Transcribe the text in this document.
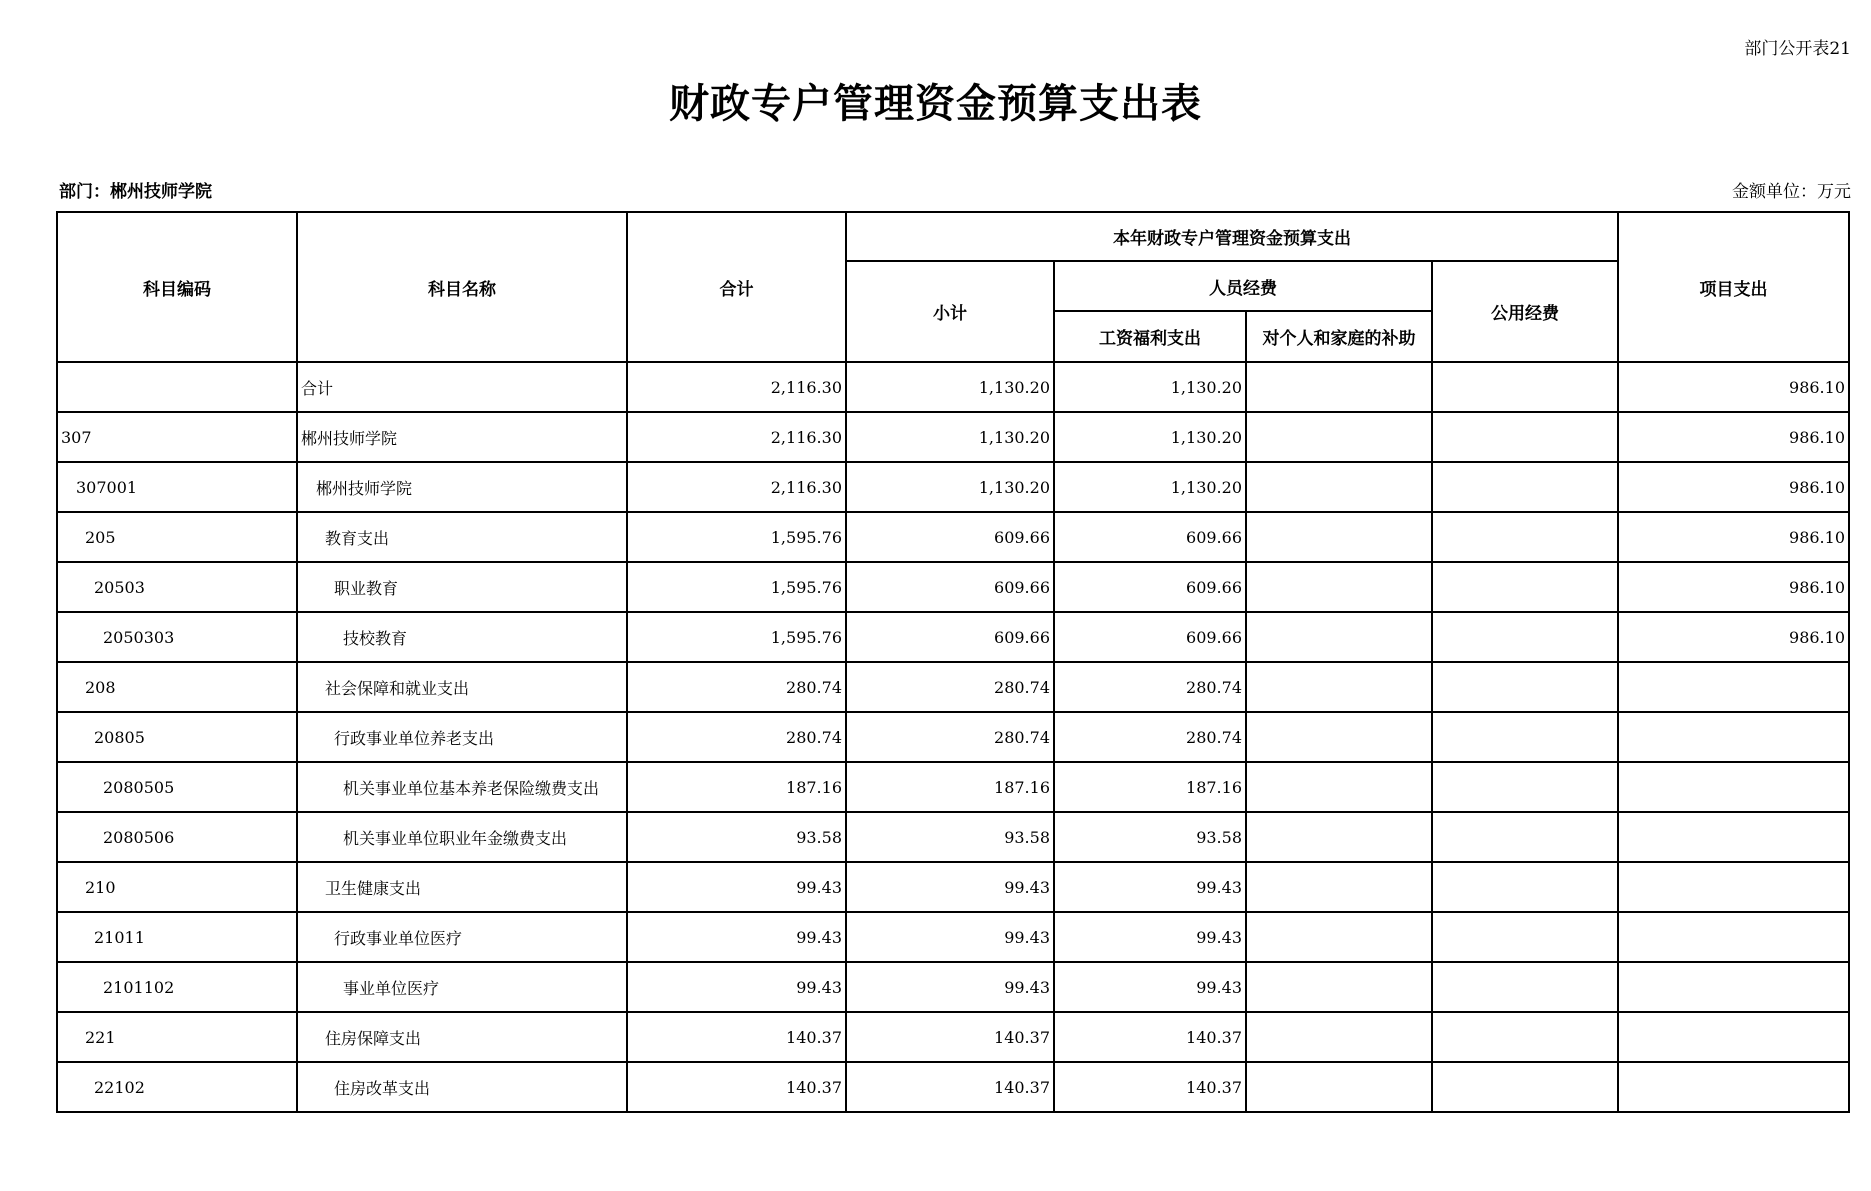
部门公开表21
财政专户管理资金预算支出表
部门：郴州技师学院	金额单位：万元
科目编码	科目名称	合计	本年财政专户管理资金预算支出				项目支出
			小计	人员经费		公用经费	
				工资福利支出	对个人和家庭的补助		
	合计	2,116.30	1,130.20	1,130.20			986.10
307	郴州技师学院	2,116.30	1,130.20	1,130.20			986.10
307001	郴州技师学院	2,116.30	1,130.20	1,130.20			986.10
205	教育支出	1,595.76	609.66	609.66			986.10
20503	职业教育	1,595.76	609.66	609.66			986.10
2050303	技校教育	1,595.76	609.66	609.66			986.10
208	社会保障和就业支出	280.74	280.74	280.74			
20805	行政事业单位养老支出	280.74	280.74	280.74			
2080505	机关事业单位基本养老保险缴费支出	187.16	187.16	187.16			
2080506	机关事业单位职业年金缴费支出	93.58	93.58	93.58			
210	卫生健康支出	99.43	99.43	99.43			
21011	行政事业单位医疗	99.43	99.43	99.43			
2101102	事业单位医疗	99.43	99.43	99.43			
221	住房保障支出	140.37	140.37	140.37			
22102	住房改革支出	140.37	140.37	140.37			
